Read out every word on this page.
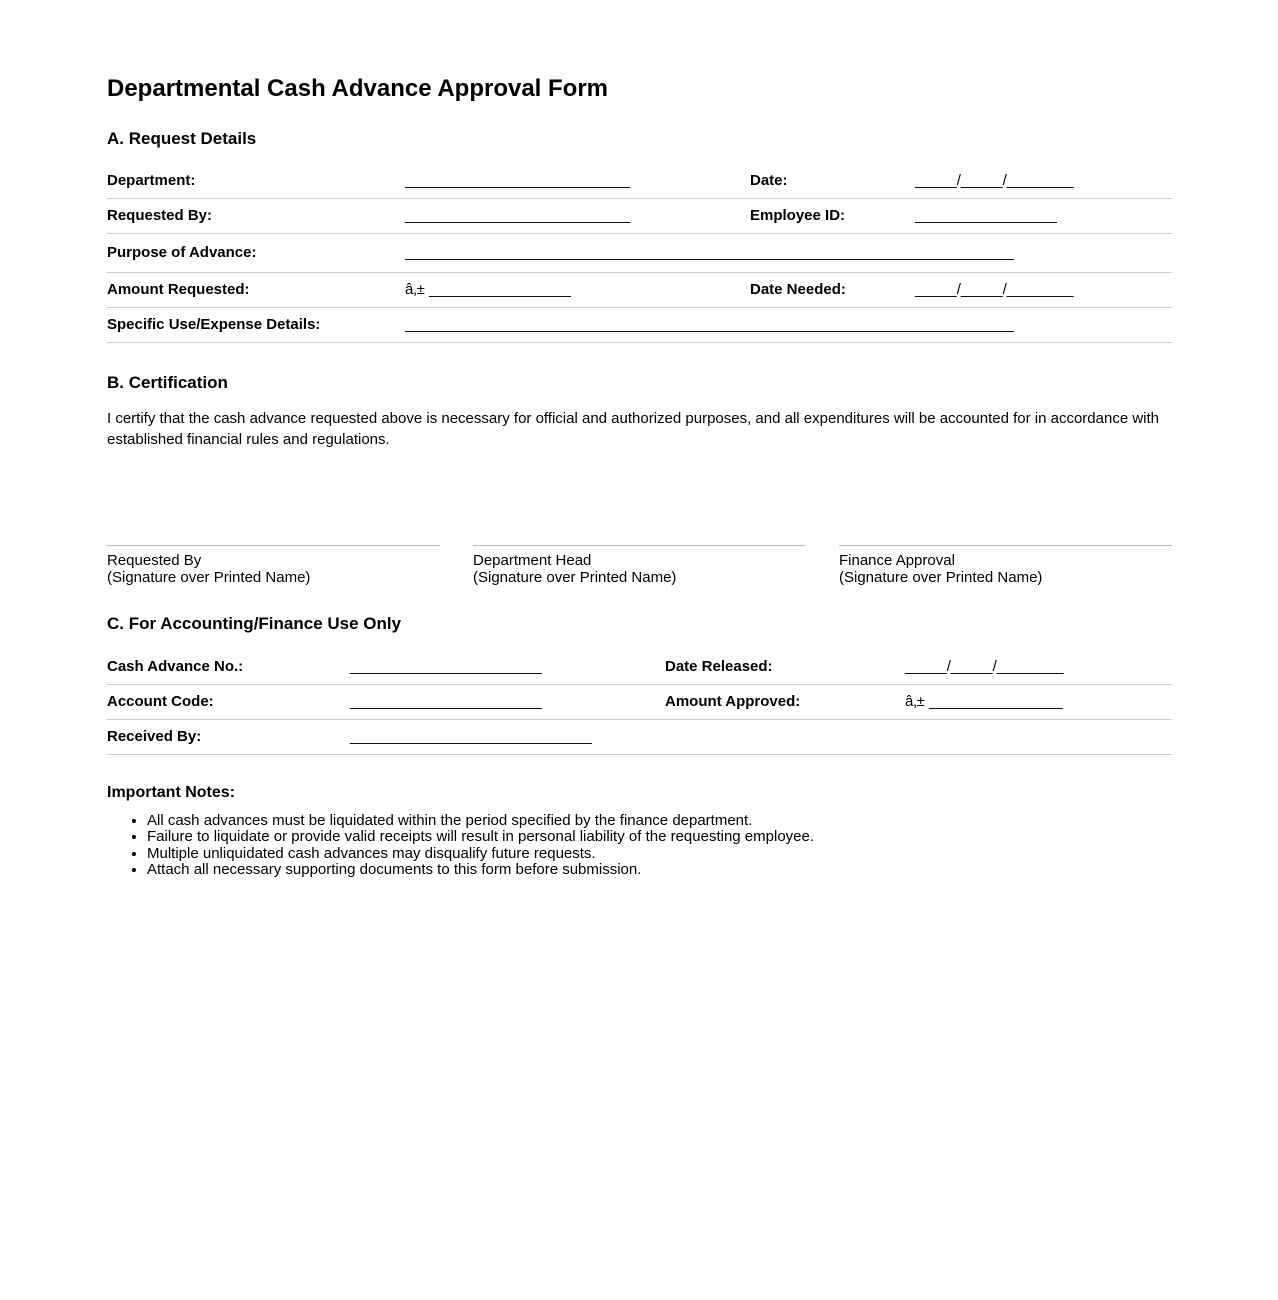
Departmental Cash Advance Approval Form
A. Request Details
Department:	___________________________	Date:	_____/_____/________
Requested By:	___________________________	Employee ID:	_________________
Purpose of Advance:	_________________________________________________________________________
Amount Requested:	â‚± _________________	Date Needed:	_____/_____/________
Specific Use/Expense Details:	_________________________________________________________________________
B. Certification

I certify that the cash advance requested above is necessary for official and authorized purposes, and all expenditures will be accounted for in accordance with established financial rules and regulations.

Requested By
(Signature over Printed Name)
Department Head
(Signature over Printed Name)
Finance Approval
(Signature over Printed Name)
C. For Accounting/Finance Use Only
Cash Advance No.:	_______________________	Date Released:	_____/_____/________
Account Code:	_______________________	Amount Approved:	â‚± ________________
Received By:	_____________________________
Important Notes:
• All cash advances must be liquidated within the period specified by the finance department.
• Failure to liquidate or provide valid receipts will result in personal liability of the requesting employee.
• Multiple unliquidated cash advances may disqualify future requests.
• Attach all necessary supporting documents to this form before submission.
